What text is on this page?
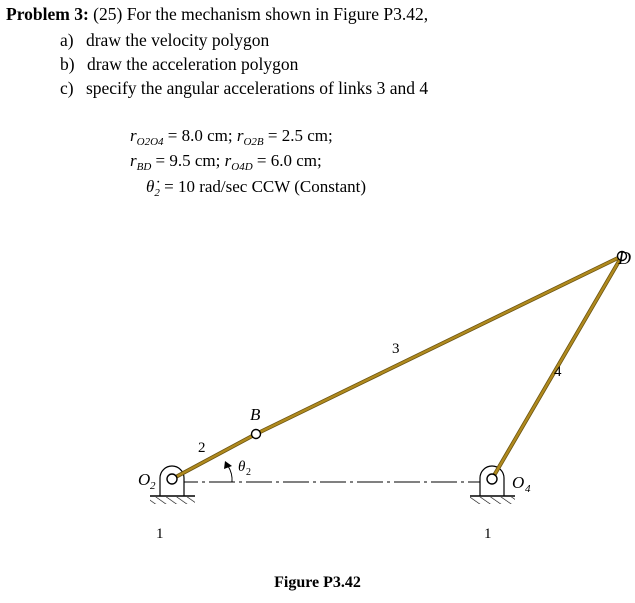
Problem 3: (25) For the mechanism shown in Figure P3.42,
a) draw the velocity polygon
b) draw the acceleration polygon
c) specify the angular accelerations of links 3 and 4
$r_{O2O4} = 8.0$ cm; $r_{O2B} = 2.5$ cm;
$r_{BD} = 9.5$ cm; $r_{O4D} = 6.0$ cm;
$\thetȧ_2 = 10$ rad/sec CCW (Constant)
O 2	O 4
B
D
2
3
4
1	1
θ 2
Figure P3.42
